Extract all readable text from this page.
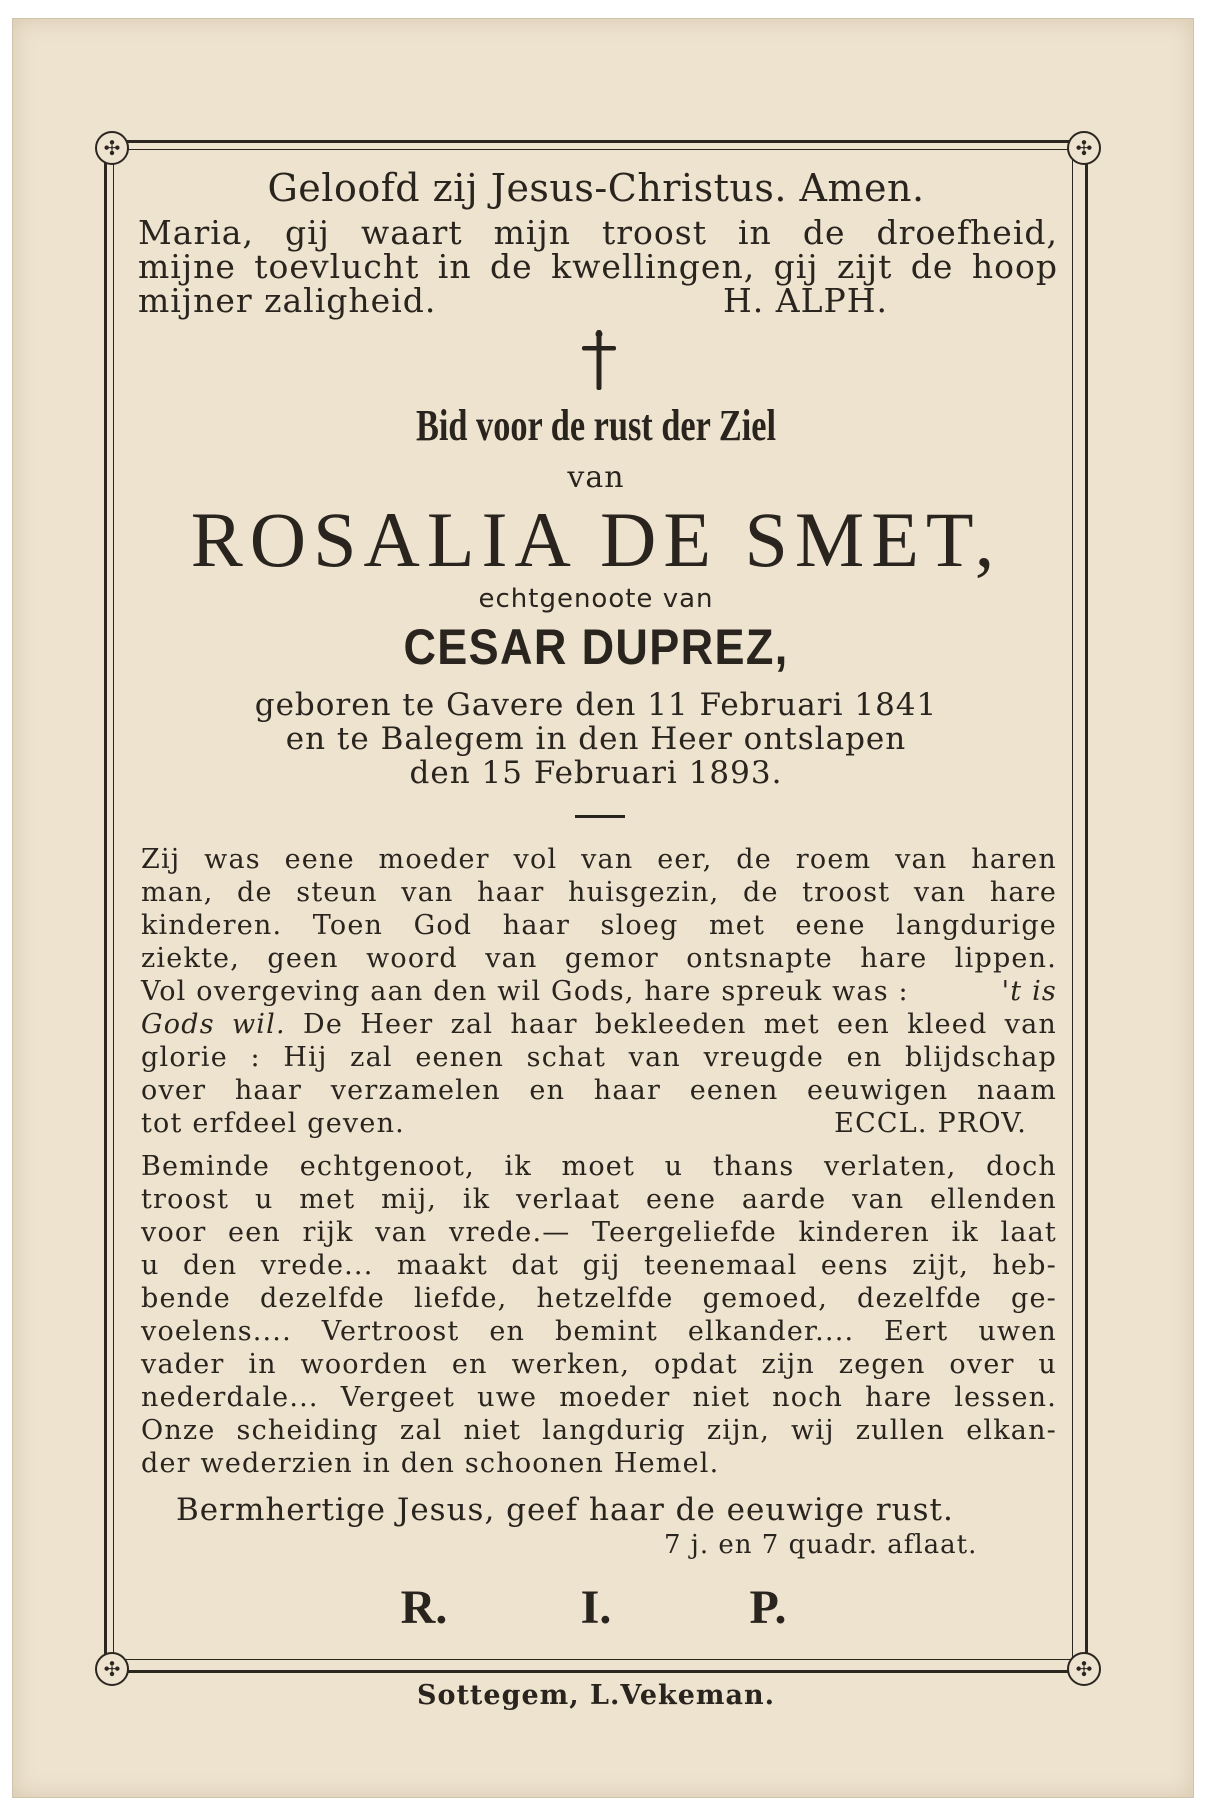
✣	✣
✣	✣

Geloofd zij Jesus-Christus. Amen.

Maria, gij waart mijn troost in de droefheid,
mijne toevlucht in de kwellingen, gij zijt de hoop
mijner zaligheid.	H. ALPH.

Bid voor de rust der Ziel

van

ROSALIA DE SMET,

echtgenoote van

CESAR DUPREZ,

geboren te Gavere den 11 Februari 1841
en te Balegem in den Heer ontslapen
den 15 Februari 1893.
Zij was eene moeder vol van eer, de roem van haren
man, de steun van haar huisgezin, de troost van hare
kinderen. Toen God haar sloeg met eene langdurige
ziekte, geen woord van gemor ontsnapte hare lippen.
Vol overgeving aan den wil Gods, hare spreuk was :	't is
Gods wil. De Heer zal haar bekleeden met een kleed van
glorie : Hij zal eenen schat van vreugde en blijdschap
over haar verzamelen en haar eenen eeuwigen naam
tot erfdeel geven.	ECCL. PROV.
Beminde echtgenoot, ik moet u thans verlaten, doch
troost u met mij, ik verlaat eene aarde van ellenden
voor een rijk van vrede.— Teergeliefde kinderen ik laat
u den vrede... maakt dat gij teenemaal eens zijt, heb-
bende dezelfde liefde, hetzelfde gemoed, dezelfde ge-
voelens.... Vertroost en bemint elkander.... Eert uwen
vader in woorden en werken, opdat zijn zegen over u
nederdale... Vergeet uwe moeder niet noch hare lessen.
Onze scheiding zal niet langdurig zijn, wij zullen elkan-
der wederzien in den schoonen Hemel.

Bermhertige Jesus, geef haar de eeuwige rust.

7 j. en 7 quadr. aflaat.

R.	I.	P.

Sottegem, L.Vekeman.
